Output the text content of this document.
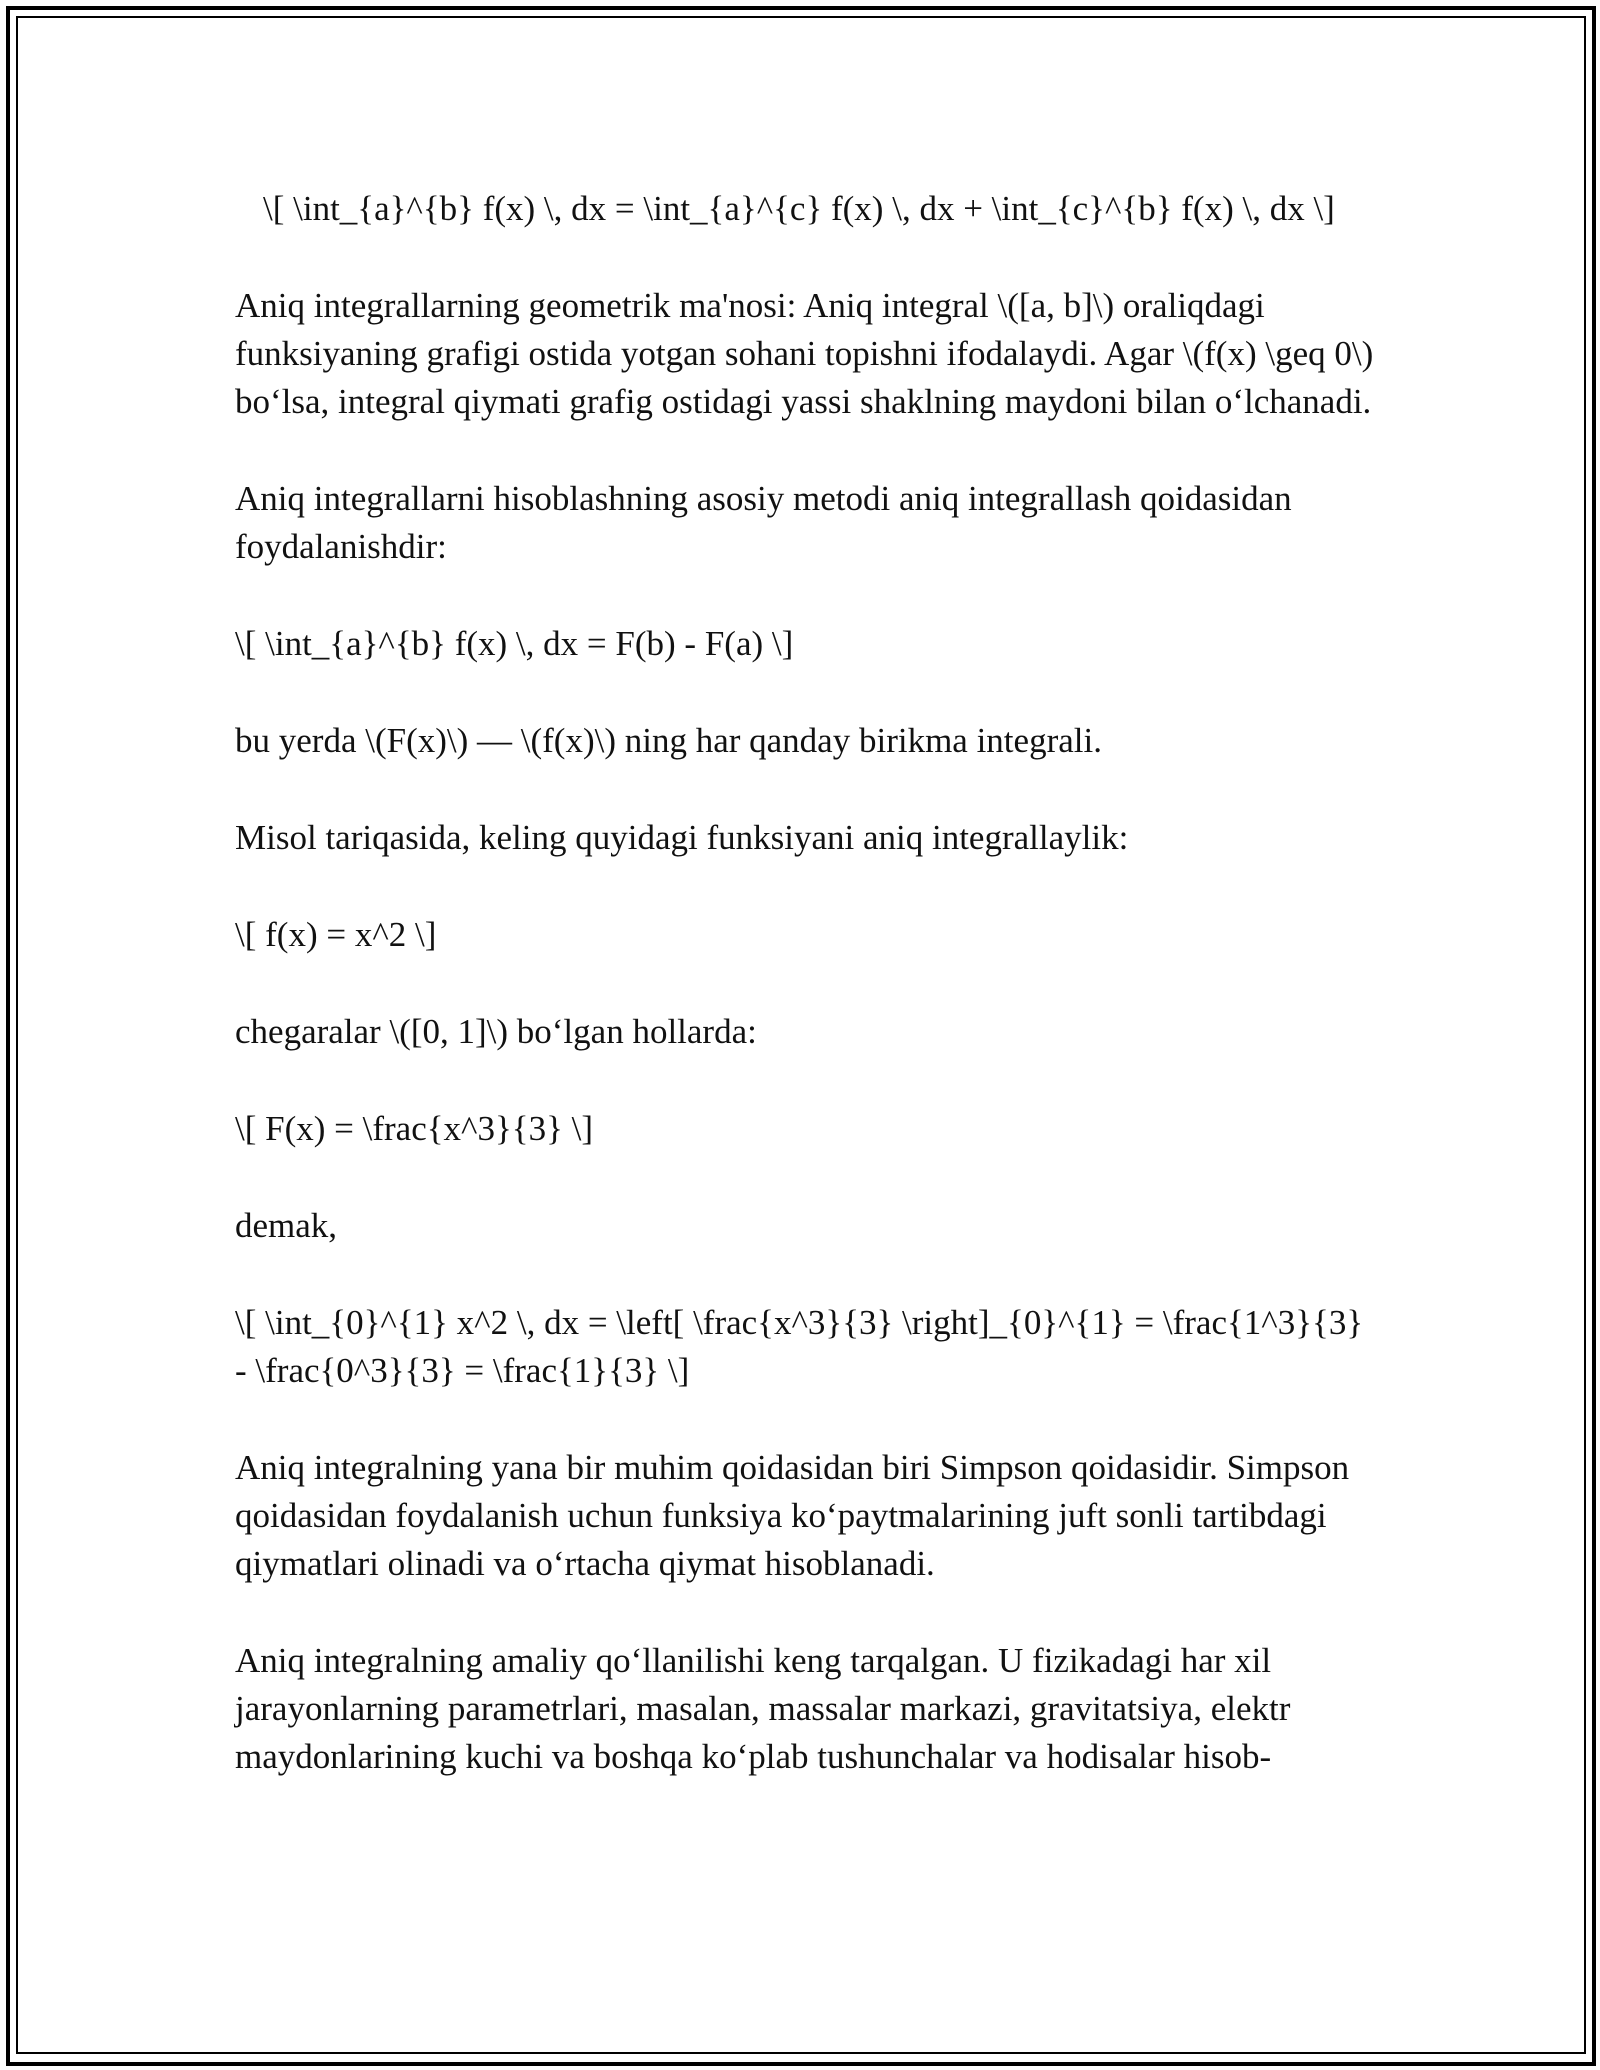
\[ \int_{a}^{b} f(x) \, dx = \int_{a}^{c} f(x) \, dx + \int_{c}^{b} f(x) \, dx \]

Aniq integrallarning geometrik ma'nosi: Aniq integral \([a, b]\) oraliqdagi funksiyaning grafigi ostida yotgan sohani topishni ifodalaydi. Agar \(f(x) \geq 0\) bo‘lsa, integral qiymati grafig ostidagi yassi shaklning maydoni bilan o‘lchanadi.

Aniq integrallarni hisoblashning asosiy metodi aniq integrallash qoidasidan foydalanishdir:

\[ \int_{a}^{b} f(x) \, dx = F(b) - F(a) \]

bu yerda \(F(x)\) — \(f(x)\) ning har qanday birikma integrali.

Misol tariqasida, keling quyidagi funksiyani aniq integrallaylik:

\[ f(x) = x^2 \]

chegaralar \([0, 1]\) bo‘lgan hollarda:

\[ F(x) = \frac{x^3}{3} \]

demak,

\[ \int_{0}^{1} x^2 \, dx = \left[ \frac{x^3}{3} \right]_{0}^{1} = \frac{1^3}{3} - \frac{0^3}{3} = \frac{1}{3} \]

Aniq integralning yana bir muhim qoidasidan biri Simpson qoidasidir. Simpson qoidasidan foydalanish uchun funksiya ko‘paytmalarining juft sonli tartibdagi qiymatlari olinadi va o‘rtacha qiymat hisoblanadi.

Aniq integralning amaliy qo‘llanilishi keng tarqalgan. U fizikadagi har xil jarayonlarning parametrlari, masalan, massalar markazi, gravitatsiya, elektr maydonlarining kuchi va boshqa ko‘plab tushunchalar va hodisalar hisob-
